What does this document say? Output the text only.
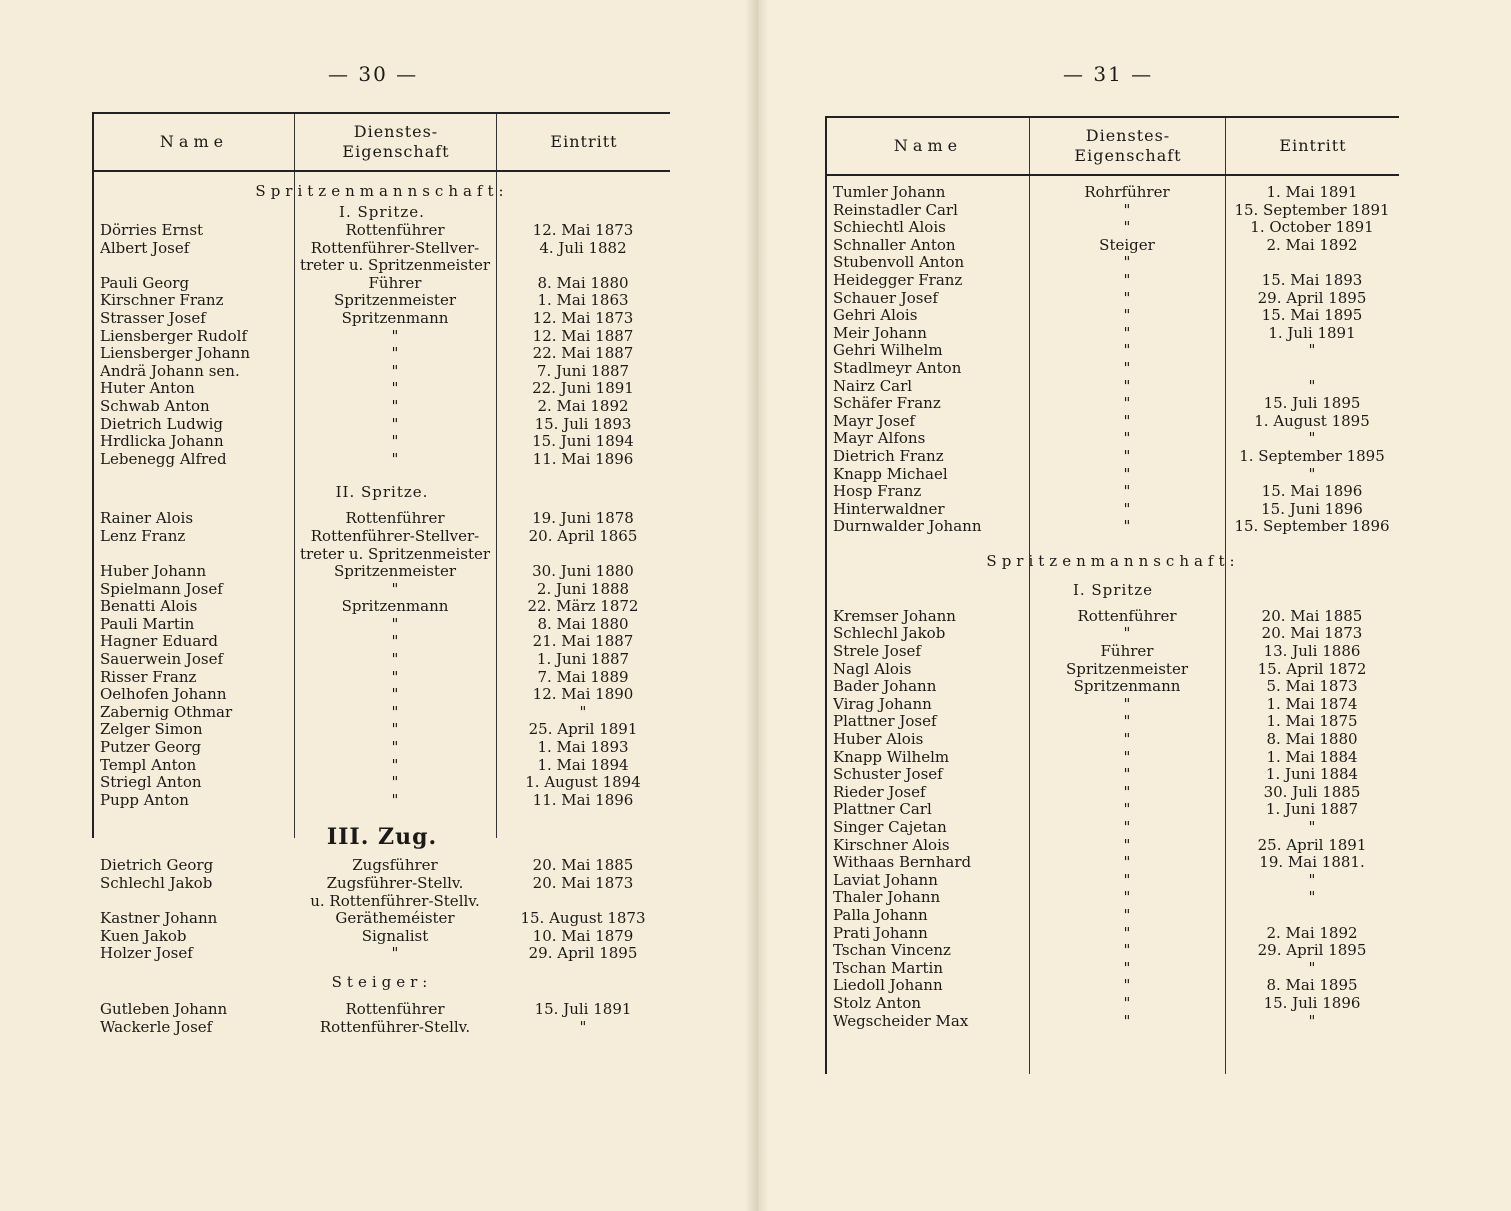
— 30 —
Name
Dienstes-
Eigenschaft
Eintritt
Spritzenmannschaft:
I. Spritze.
Dörries Ernst	Rottenführer	12. Mai 1873
Albert Josef	Rottenführer-Stellver-	4. Juli 1882
treter u. Spritzenmeister
Pauli Georg	Führer	8. Mai 1880
Kirschner Franz	Spritzenmeister	1. Mai 1863
Strasser Josef	Spritzenmann	12. Mai 1873
Liensberger Rudolf	"	12. Mai 1887
Liensberger Johann	"	22. Mai 1887
Andrä Johann sen.	"	7. Juni 1887
Huter Anton	"	22. Juni 1891
Schwab Anton	"	2. Mai 1892
Dietrich Ludwig	"	15. Juli 1893
Hrdlicka Johann	"	15. Juni 1894
Lebenegg Alfred	"	11. Mai 1896
II. Spritze.
Rainer Alois	Rottenführer	19. Juni 1878
Lenz Franz	Rottenführer-Stellver-	20. April 1865
treter u. Spritzenmeister
Huber Johann	Spritzenmeister	30. Juni 1880
Spielmann Josef	"	2. Juni 1888
Benatti Alois	Spritzenmann	22. März 1872
Pauli Martin	"	8. Mai 1880
Hagner Eduard	"	21. Mai 1887
Sauerwein Josef	"	1. Juni 1887
Risser Franz	"	7. Mai 1889
Oelhofen Johann	"	12. Mai 1890
Zabernig Othmar	"	"
Zelger Simon	"	25. April 1891
Putzer Georg	"	1. Mai 1893
Templ Anton	"	1. Mai 1894
Striegl Anton	"	1. August 1894
Pupp Anton	"	11. Mai 1896
III. Zug.
Dietrich Georg	Zugsführer	20. Mai 1885
Schlechl Jakob	Zugsführer-Stellv.	20. Mai 1873
u. Rottenführer-Stellv.
Kastner Johann	Gerätheméister	15. August 1873
Kuen Jakob	Signalist	10. Mai 1879
Holzer Josef	"	29. April 1895
Steiger:
Gutleben Johann	Rottenführer	15. Juli 1891
Wackerle Josef	Rottenführer-Stellv.	"
— 31 —
Name
Dienstes-
Eigenschaft
Eintritt
Tumler Johann	Rohrführer	1. Mai 1891
Reinstadler Carl	"	15. September 1891
Schiechtl Alois	"	1. October 1891
Schnaller Anton	Steiger	2. Mai 1892
Stubenvoll Anton	"
Heidegger Franz	"	15. Mai 1893
Schauer Josef	"	29. April 1895
Gehri Alois	"	15. Mai 1895
Meir Johann	"	1. Juli 1891
Gehri Wilhelm	"	"
Stadlmeyr Anton	"
Nairz Carl	"	"
Schäfer Franz	"	15. Juli 1895
Mayr Josef	"	1. August 1895
Mayr Alfons	"	"
Dietrich Franz	"	1. September 1895
Knapp Michael	"	"
Hosp Franz	"	15. Mai 1896
Hinterwaldner	"	15. Juni 1896
Durnwalder Johann	"	15. September 1896
Spritzenmannschaft:
I. Spritze
Kremser Johann	Rottenführer	20. Mai 1885
Schlechl Jakob	"	20. Mai 1873
Strele Josef	Führer	13. Juli 1886
Nagl Alois	Spritzenmeister	15. April 1872
Bader Johann	Spritzenmann	5. Mai 1873
Virag Johann	"	1. Mai 1874
Plattner Josef	"	1. Mai 1875
Huber Alois	"	8. Mai 1880
Knapp Wilhelm	"	1. Mai 1884
Schuster Josef	"	1. Juni 1884
Rieder Josef	"	30. Juli 1885
Plattner Carl	"	1. Juni 1887
Singer Cajetan	"	"
Kirschner Alois	"	25. April 1891
Withaas Bernhard	"	19. Mai 1881.
Laviat Johann	"	"
Thaler Johann	"	"
Palla Johann	"
Prati Johann	"	2. Mai 1892
Tschan Vincenz	"	29. April 1895
Tschan Martin	"	"
Liedoll Johann	"	8. Mai 1895
Stolz Anton	"	15. Juli 1896
Wegscheider Max	"	"
